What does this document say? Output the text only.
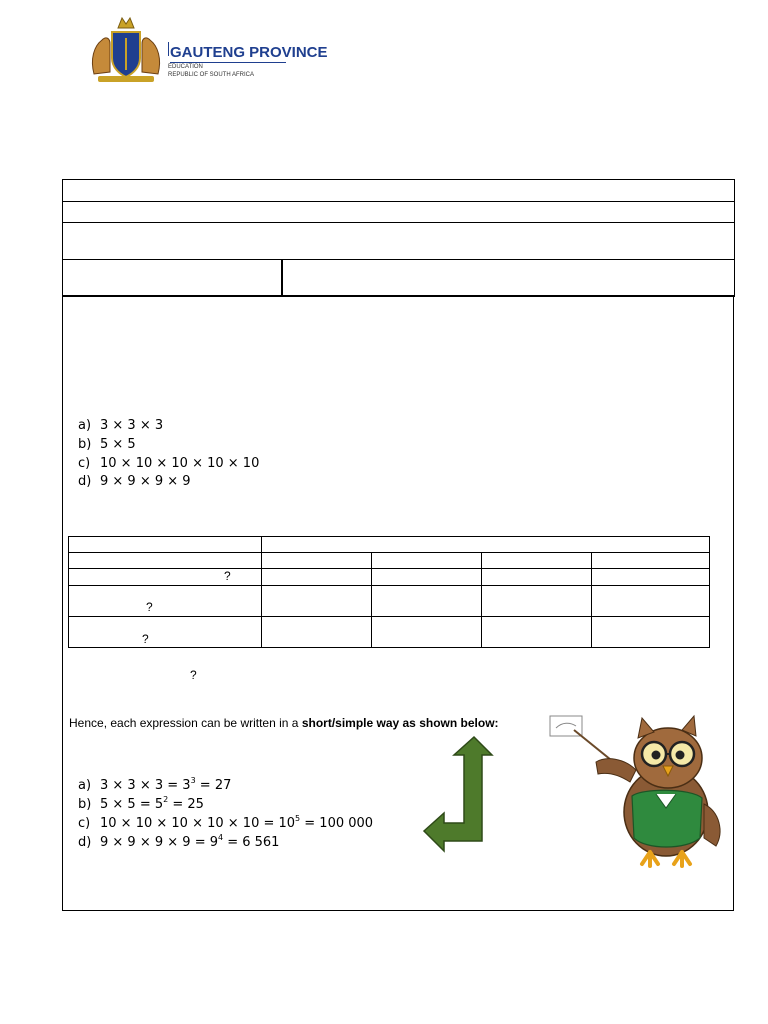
GAUTENG PROVINCE
EDUCATION
REPUBLIC OF SOUTH AFRICA
a) 3 × 3 × 3
b) 5 × 5
c) 10 × 10 × 10 × 10 × 10
d) 9 × 9 × 9 × 9

?
?
?
?
Hence, each expression can be written in a short/simple way as shown below:
a) $3 \times 3 \times 3 = 3^3 = 27$
b) $5 \times 5 = 5^2 = 25$
c) $10 \times 10 \times 10 \times 10 \times 10 = 10^5 = 100$ 000
d) $9 \times 9 \times 9 \times 9 = 9^4 = 6$ 561
